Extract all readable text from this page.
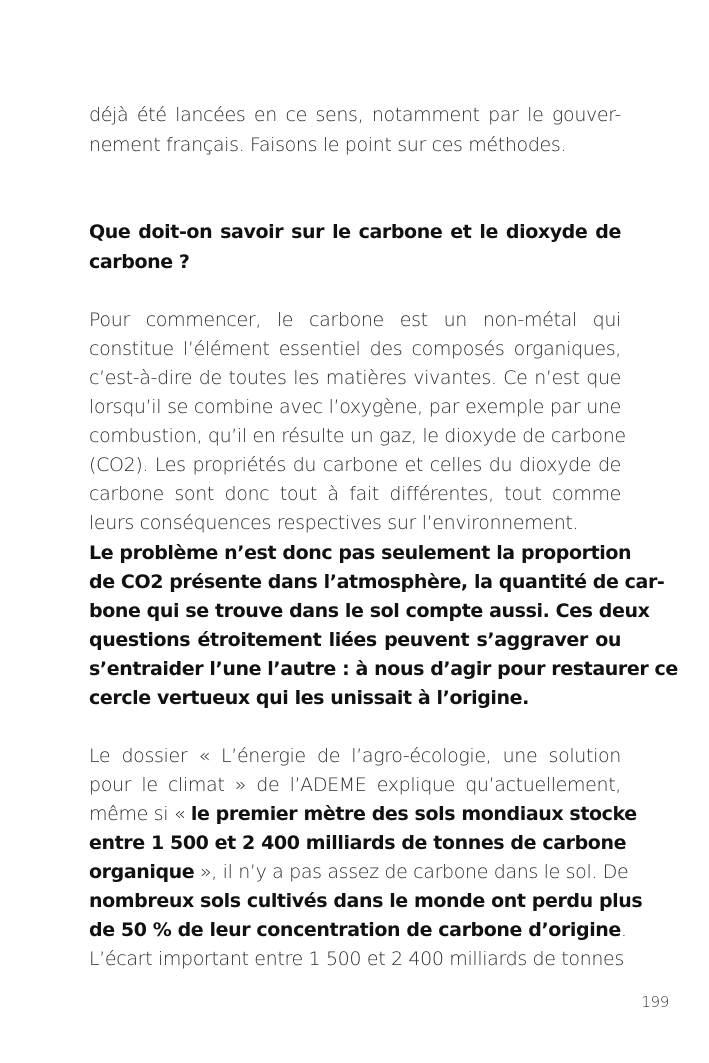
déjà été lancées en ce sens, notamment par le gouver-

nement français. Faisons le point sur ces méthodes.

Que doit-on savoir sur le carbone et le dioxyde de

carbone ?

Pour commencer, le carbone est un non-métal qui

constitue l’élément essentiel des composés organiques,

c’est-à-dire de toutes les matières vivantes. Ce n’est que

lorsqu’il se combine avec l’oxygène, par exemple par une

combustion, qu’il en résulte un gaz, le dioxyde de carbone

(CO2). Les propriétés du carbone et celles du dioxyde de

carbone sont donc tout à fait différentes, tout comme

leurs conséquences respectives sur l’environnement.

Le problème n’est donc pas seulement la proportion

de CO2 présente dans l’atmosphère, la quantité de car-

bone qui se trouve dans le sol compte aussi. Ces deux

questions étroitement liées peuvent s’aggraver ou

s’entraider l’une l’autre : à nous d’agir pour restaurer ce

cercle vertueux qui les unissait à l’origine.

Le dossier « L’énergie de l’agro-écologie, une solution

pour le climat » de l’ADEME explique qu’actuellement,

même si « le premier mètre des sols mondiaux stocke

entre 1 500 et 2 400 milliards de tonnes de carbone

organique », il n’y a pas assez de carbone dans le sol. De

nombreux sols cultivés dans le monde ont perdu plus

de 50 % de leur concentration de carbone d’origine.

L’écart important entre 1 500 et 2 400 milliards de tonnes

199
